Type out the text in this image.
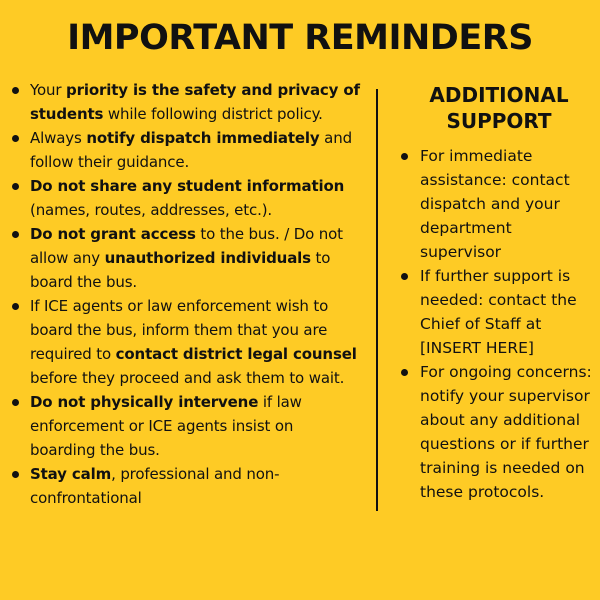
IMPORTANT REMINDERS
Your priority is the safety and privacy of students while following district policy.
Always notify dispatch immediately and follow their guidance.
Do not share any student information (names, routes, addresses, etc.).
Do not grant access to the bus. / Do not allow any unauthorized individuals to board the bus.
If ICE agents or law enforcement wish to board the bus, inform them that you are required to contact district legal counsel before they proceed and ask them to wait.
Do not physically intervene if law enforcement or ICE agents insist on boarding the bus.
Stay calm, professional and non-confrontational
ADDITIONAL
SUPPORT
For immediate assistance: contact dispatch and your department supervisor
If further support is needed: contact the Chief of Staff at [INSERT HERE]
For ongoing concerns: notify your supervisor about any additional questions or if further training is needed on these protocols.
